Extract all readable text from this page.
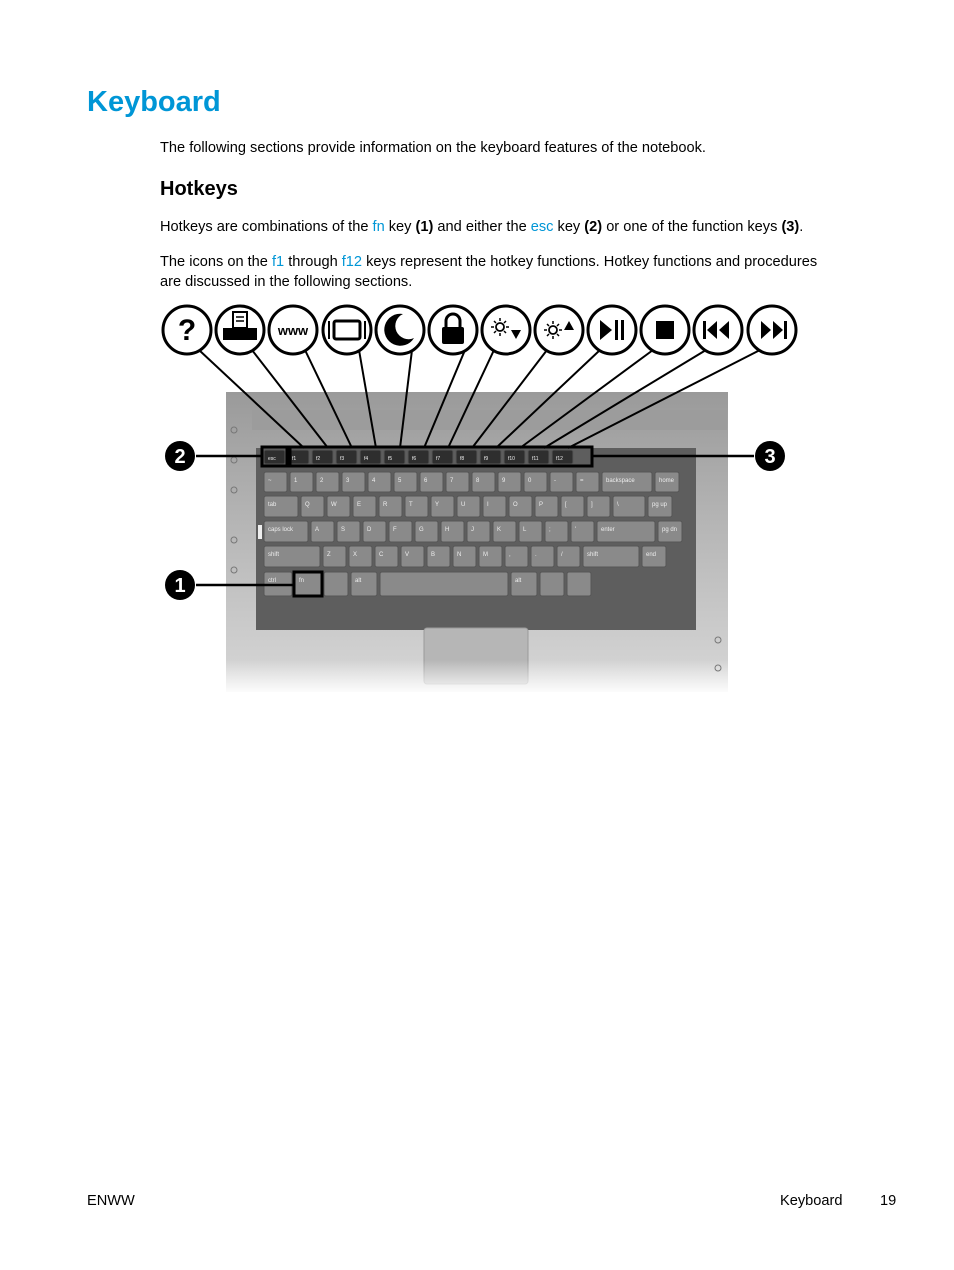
Keyboard

The following sections provide information on the keyboard features of the notebook.

Hotkeys

Hotkeys are combinations of the fn key (1) and either the esc key (2) or one of the function keys (3).

The icons on the f1 through f12 keys represent the hotkey functions. Hotkey functions and procedures are discussed in the following sections.

esc	f1	f2	f3	f4	f5	f6	f7	f8	f9	f10	f11	f12
~	1	2	3	4	5	6	7	8	9	0	-	=	backspace	home
tab	Q	W	E	R	T	Y	U	I	O	P	[	]	\	pg up
caps lock	A	S	D	F	G	H	J	K	L	;	'	enter	pg dn
shift	Z	X	C	V	B	N	M	,	.	/	shift	end
ctrl	fn	alt	alt
2	3
1
?	www
ENWW	Keyboard	19
